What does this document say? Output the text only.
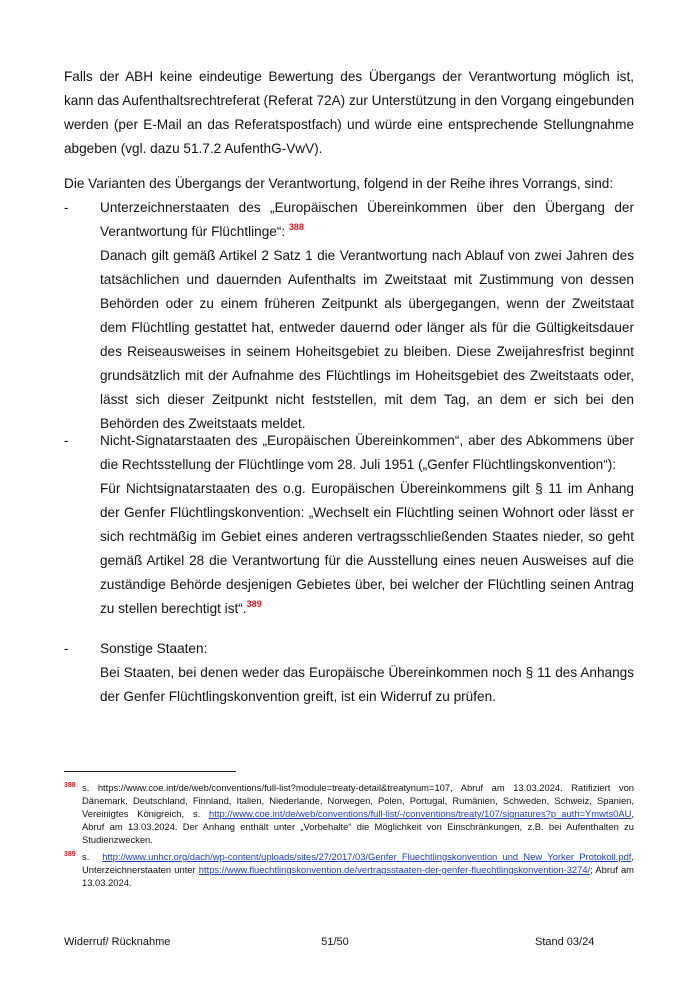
Falls der ABH keine eindeutige Bewertung des Übergangs der Verantwortung möglich ist, kann das Aufenthaltsrechtreferat (Referat 72A) zur Unterstützung in den Vorgang eingebunden werden (per E-Mail an das Referatspostfach) und würde eine entsprechende Stellungnahme abgeben (vgl. dazu 51.7.2 AufenthG-VwV).

Die Varianten des Übergangs der Verantwortung, folgend in der Reihe ihres Vorrangs, sind:

- Unterzeichnerstaaten des „Europäischen Übereinkommen über den Übergang der Verantwortung für Flüchtlinge“: $^{388}$
Danach gilt gemäß Artikel 2 Satz 1 die Verantwortung nach Ablauf von zwei Jahren des tatsächlichen und dauernden Aufenthalts im Zweitstaat mit Zustimmung von dessen Behörden oder zu einem früheren Zeitpunkt als übergegangen, wenn der Zweitstaat dem Flüchtling gestattet hat, entweder dauernd oder länger als für die Gültigkeitsdauer des Reiseausweises in seinem Hoheitsgebiet zu bleiben. Diese Zweijahresfrist beginnt grundsätzlich mit der Aufnahme des Flüchtlings im Hoheitsgebiet des Zweitstaats oder, lässt sich dieser Zeitpunkt nicht feststellen, mit dem Tag, an dem er sich bei den Behörden des Zweitstaats meldet.
- Nicht-Signatarstaaten des „Europäischen Übereinkommen“, aber des Abkommens über die Rechtsstellung der Flüchtlinge vom 28. Juli 1951 („Genfer Flüchtlingskonvention“):
Für Nichtsignatarstaaten des o.g. Europäischen Übereinkommens gilt § 11 im Anhang der Genfer Flüchtlingskonvention: „Wechselt ein Flüchtling seinen Wohnort oder lässt er sich rechtmäßig im Gebiet eines anderen vertragsschließenden Staates nieder, so geht gemäß Artikel 28 die Verantwortung für die Ausstellung eines neuen Ausweises auf die zuständige Behörde desjenigen Gebietes über, bei welcher der Flüchtling seinen Antrag zu stellen berechtigt ist“.$^{389}$
- Sonstige Staaten:
Bei Staaten, bei denen weder das Europäische Übereinkommen noch § 11 des Anhangs der Genfer Flüchtlingskonvention greift, ist ein Widerruf zu prüfen.
388 s. https://www.coe.int/de/web/conventions/full-list?module=treaty-detail&treatynum=107, Abruf am 13.03.2024. Ratifiziert von Dänemark, Deutschland, Finnland, Italien, Niederlande, Norwegen, Polen, Portugal, Rumänien, Schweden, Schweiz, Spanien, Vereinigtes Königreich, s. http://www.coe.int/de/web/conventions/full-list/-/conventions/treaty/107/signatures?p_auth=Ymwts0AU, Abruf am 13.03.2024. Der Anhang enthält unter „Vorbehalte“ die Möglichkeit von Einschränkungen, z.B. bei Aufenthalten zu Studienzwecken.
389 s. http://www.unhcr.org/dach/wp-content/uploads/sites/27/2017/03/Genfer_Fluechtlingskonvention_und_New_Yorker_Protokoll.pdf, Unterzeichnerstaaten unter https://www.fluechtlingskonvention.de/vertragsstaaten-der-genfer-fluechtlingskonvention-3274/; Abruf am 13.03.2024.
Widerruf/ Rücknahme	51/50	Stand 03/24
